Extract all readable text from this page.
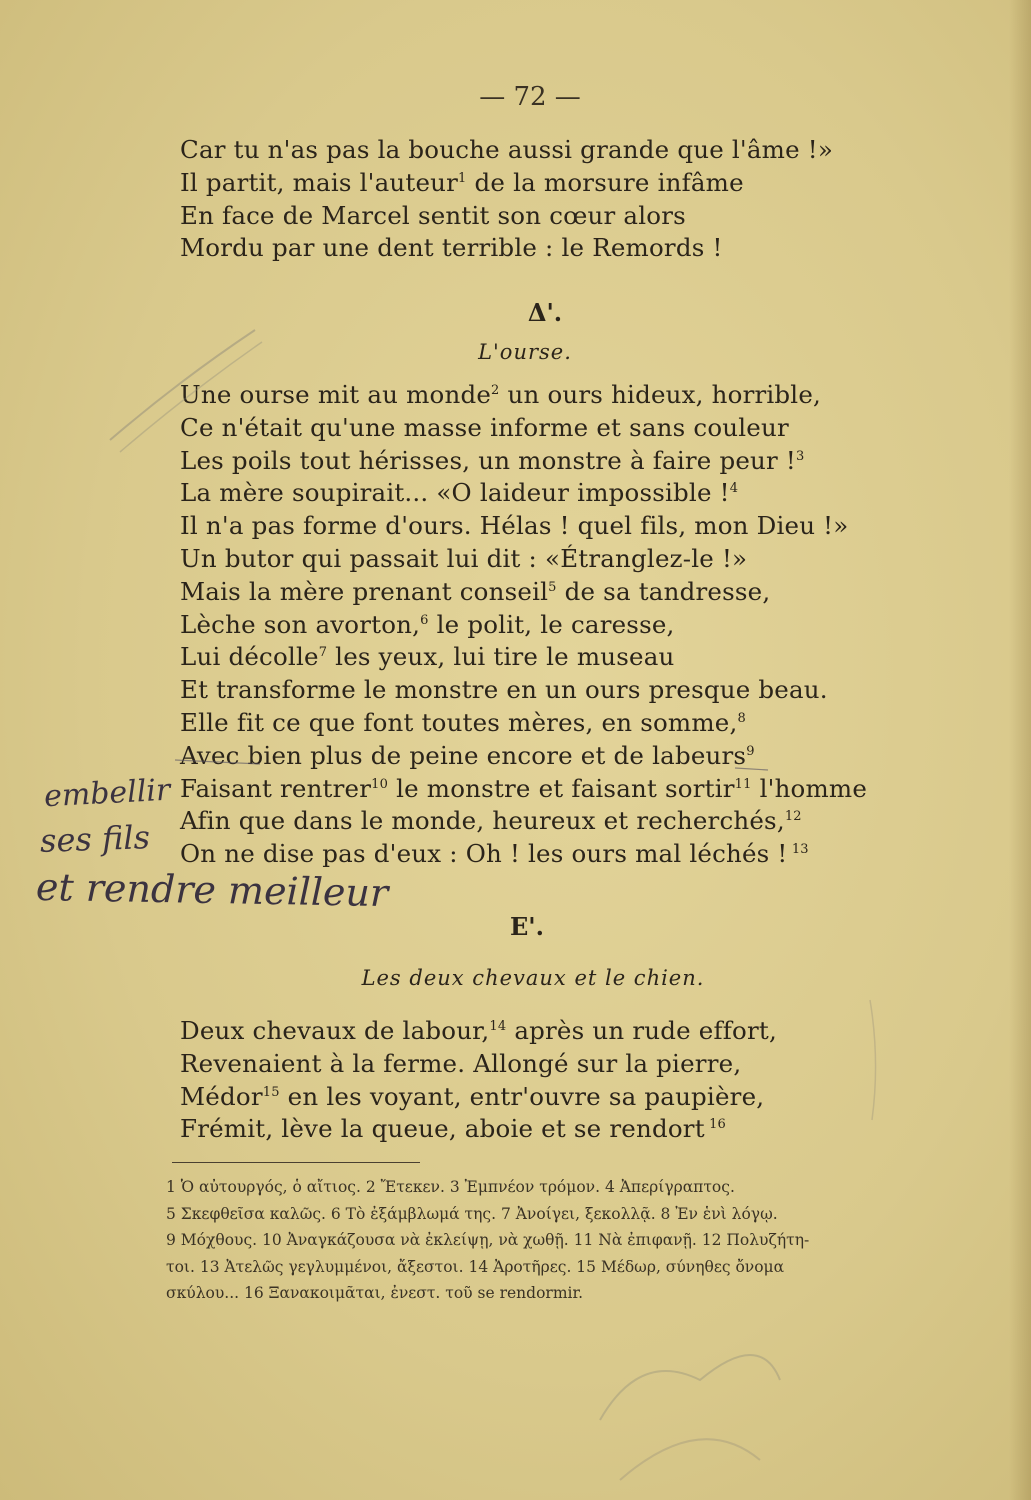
— 72 —
Car tu n'as pas la bouche aussi grande que l'âme !»
Il partit, mais l'auteur$^1$ de la morsure infâme
En face de Marcel sentit son cœur alors
Mordu par une dent terrible : le Remords !
Δ'.
L'ourse.
Une ourse mit au monde$^2$ un ours hideux, horrible,
Ce n'était qu'une masse informe et sans couleur
Les poils tout hérisses, un monstre à faire peur !$^3$
La mère soupirait... «O laideur impossible !$^4$
Il n'a pas forme d'ours. Hélas ! quel fils, mon Dieu !»
Un butor qui passait lui dit : «Étranglez-le !»
Mais la mère prenant conseil$^5$ de sa tandresse,
Lèche son avorton,$^6$ le polit, le caresse,
Lui décolle$^7$ les yeux, lui tire le museau
Et transforme le monstre en un ours presque beau.
Elle fit ce que font toutes mères, en somme,$^8$
Avec bien plus de peine encore et de labeurs$^9$
Faisant rentrer$^{10}$ le monstre et faisant sortir$^{11}$ l'homme
Afin que dans le monde, heureux et recherchés,$^{12}$
On ne dise pas d'eux : Oh ! les ours mal léchés ! $^{13}$
E'.
Les deux chevaux et le chien.
Deux chevaux de labour,$^{14}$ après un rude effort,
Revenaient à la ferme. Allongé sur la pierre,
Médor$^{15}$ en les voyant, entr'ouvre sa paupière,
Frémit, lève la queue, aboie et se rendort $^{16}$
1 Ὁ αὐτουργός, ὁ αἴτιος. 2 Ἔτεκεν. 3 Ἐμπνέον τρόμον. 4 Ἀπερίγραπτος.
5 Σκεφθεῖσα καλῶς. 6 Τὸ ἐξάμβλωμά της. 7 Ἀνοίγει, ξεκολλᾷ. 8 Ἐν ἑνὶ λόγῳ.
9 Μόχθους. 10 Ἀναγκάζουσα νὰ ἐκλείψῃ, νὰ χωθῇ. 11 Νὰ ἐπιφανῇ. 12 Πολυζήτη-
τοι. 13 Ἀτελῶς γεγλυμμένοι, ἄξεστοι. 14 Ἀροτῆρες. 15 Μέδωρ, σύνηθες ὄνομα
σκύλου... 16 Ξανακοιμᾶται, ἐνεστ. τοῦ se rendormir.
embellir
ses fils
et rendre meilleur
